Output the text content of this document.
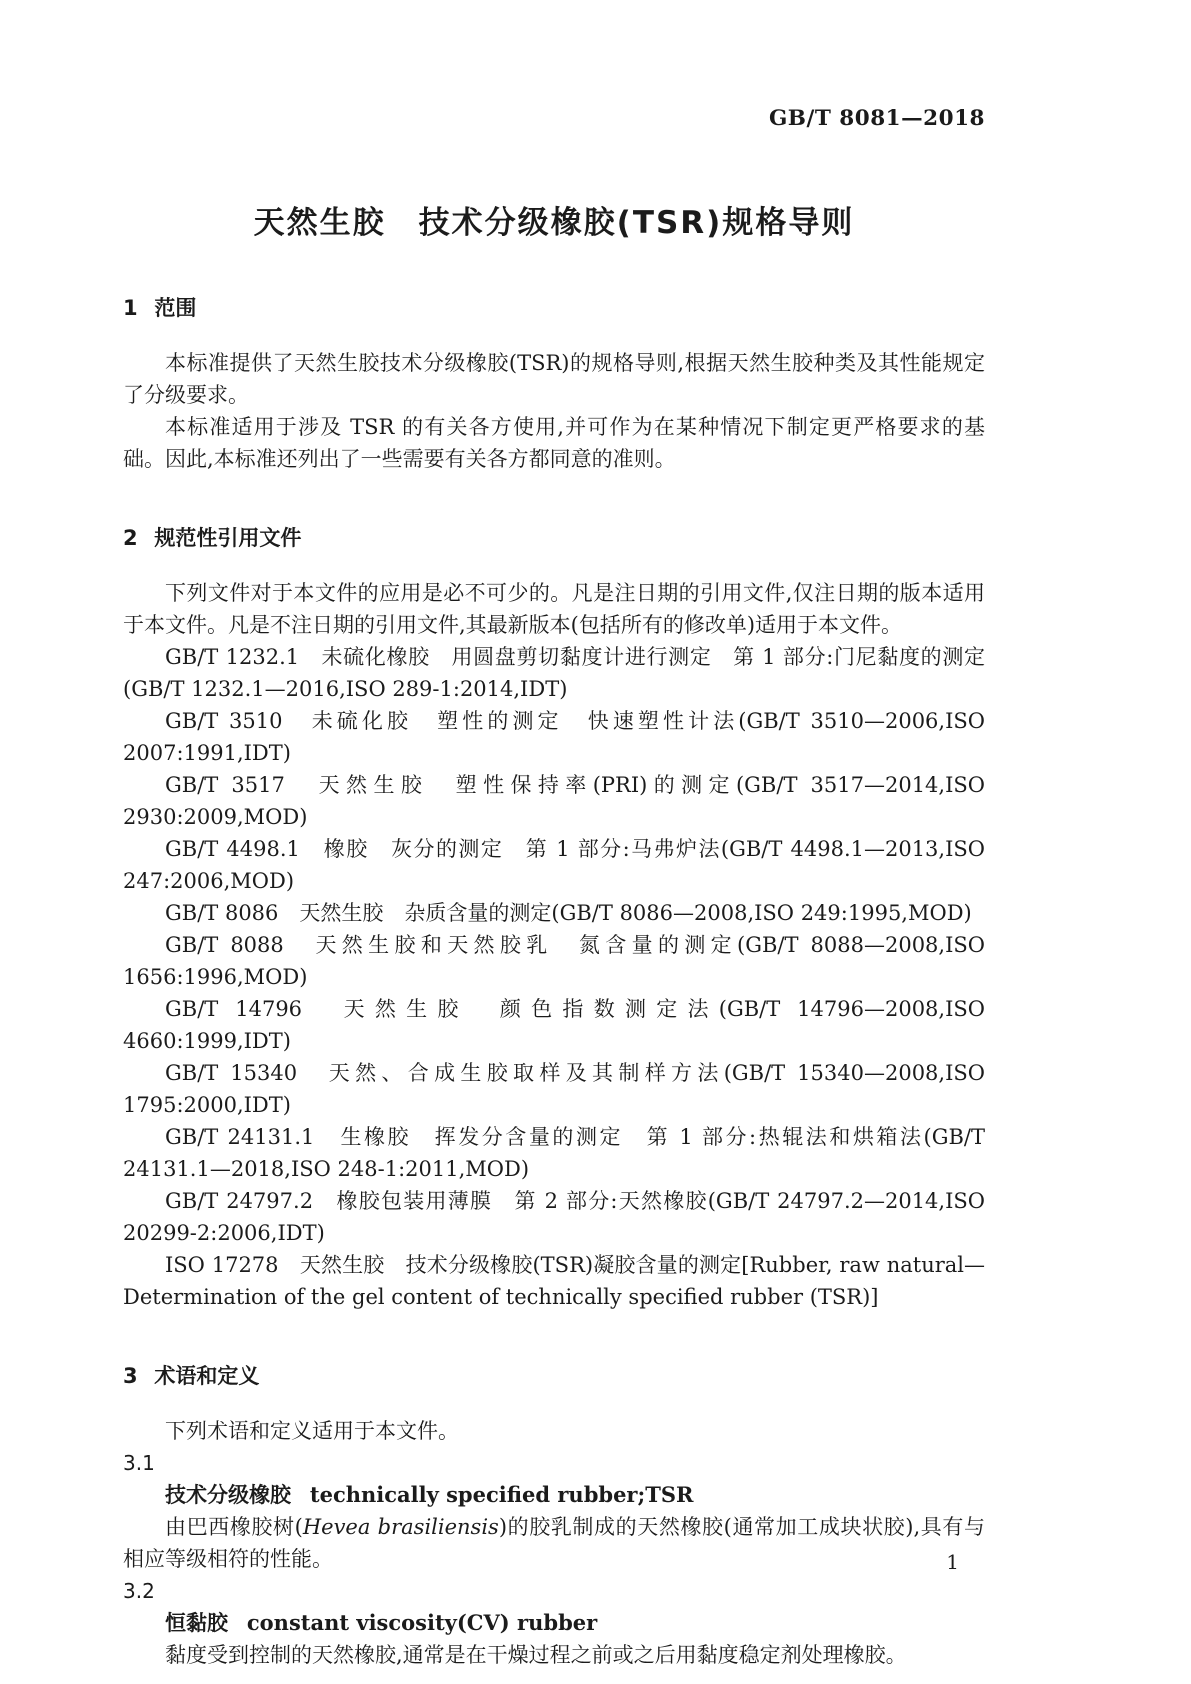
GB/T 8081—2018
天然生胶　技术分级橡胶(TSR)规格导则
1 范围

本标准提供了天然生胶技术分级橡胶(TSR)的规格导则,根据天然生胶种类及其性能规定了分级要求。

本标准适用于涉及 TSR 的有关各方使用,并可作为在某种情况下制定更严格要求的基础。因此,本标准还列出了一些需要有关各方都同意的准则。

2 规范性引用文件

下列文件对于本文件的应用是必不可少的。凡是注日期的引用文件,仅注日期的版本适用于本文件。凡是不注日期的引用文件,其最新版本(包括所有的修改单)适用于本文件。

GB/T 1232.1　未硫化橡胶　用圆盘剪切黏度计进行测定　第 1 部分:门尼黏度的测定(GB/T 1232.1—2016,ISO 289-1:2014,IDT)

GB/T 3510　未硫化胶　塑性的测定　快速塑性计法(GB/T 3510—2006,ISO 2007:1991,IDT)

GB/T 3517　天然生胶　塑性保持率(PRI)的测定(GB/T 3517—2014,ISO 2930:2009,MOD)

GB/T 4498.1　橡胶　灰分的测定　第 1 部分:马弗炉法(GB/T 4498.1—2013,ISO 247:2006,MOD)

GB/T 8086　天然生胶　杂质含量的测定(GB/T 8086—2008,ISO 249:1995,MOD)

GB/T 8088　天然生胶和天然胶乳　氮含量的测定(GB/T 8088—2008,ISO 1656:1996,MOD)

GB/T 14796　天然生胶　颜色指数测定法(GB/T 14796—2008,ISO 4660:1999,IDT)

GB/T 15340　天然、合成生胶取样及其制样方法(GB/T 15340—2008,ISO 1795:2000,IDT)

GB/T 24131.1　生橡胶　挥发分含量的测定　第 1 部分:热辊法和烘箱法(GB/T 24131.1—2018,ISO 248-1:2011,MOD)

GB/T 24797.2　橡胶包装用薄膜　第 2 部分:天然橡胶(GB/T 24797.2—2014,ISO 20299-2:2006,IDT)

ISO 17278　天然生胶　技术分级橡胶(TSR)凝胶含量的测定[Rubber, raw natural—Determination of the gel content of technically specified rubber (TSR)]

3 术语和定义

下列术语和定义适用于本文件。

3.1

技术分级橡胶 technically specified rubber;TSR

由巴西橡胶树(Hevea brasiliensis)的胶乳制成的天然橡胶(通常加工成块状胶),具有与相应等级相符的性能。

3.2

恒黏胶 constant viscosity(CV) rubber

黏度受到控制的天然橡胶,通常是在干燥过程之前或之后用黏度稳定剂处理橡胶。

1
